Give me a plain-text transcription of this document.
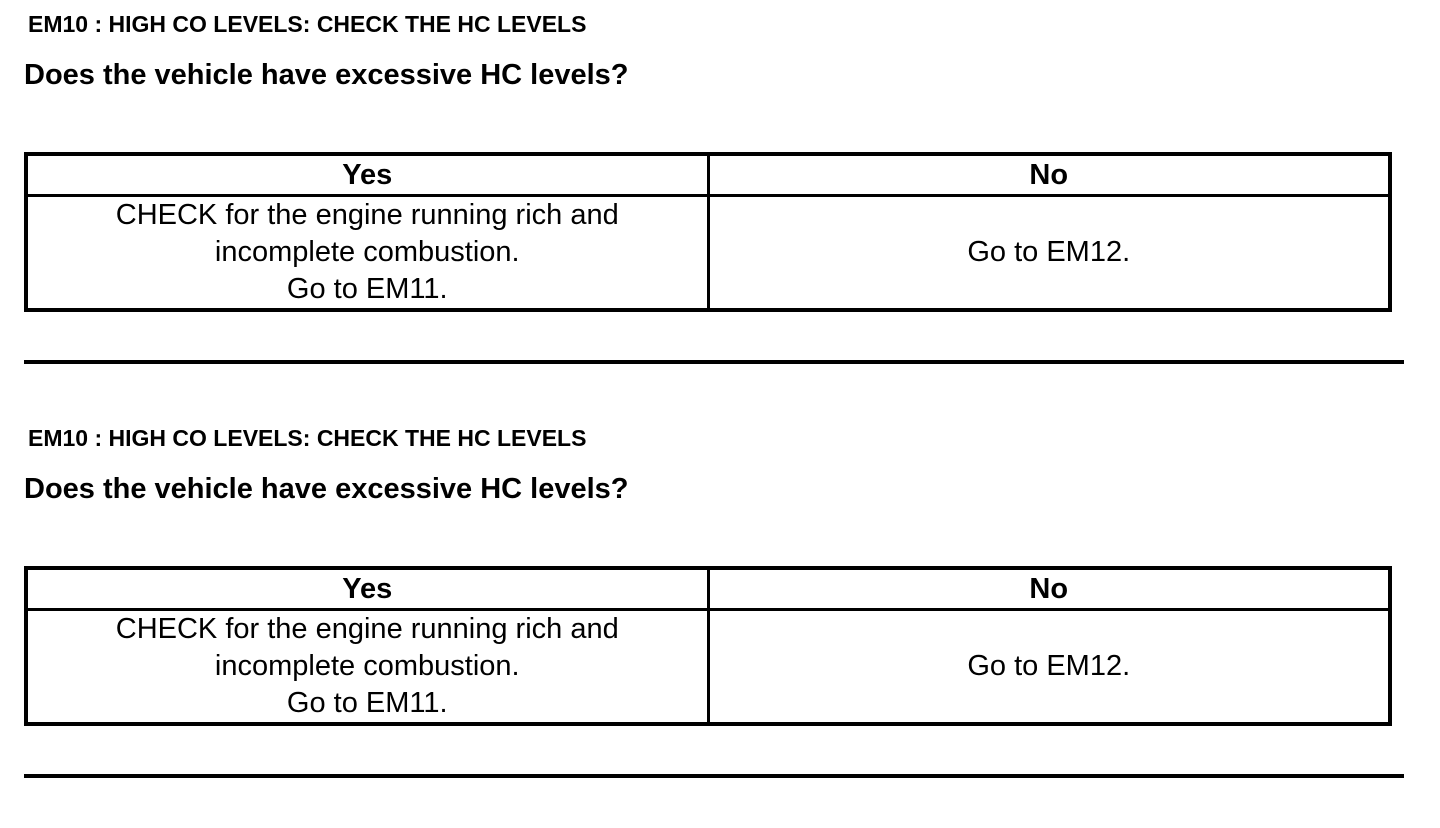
EM10 : HIGH CO LEVELS: CHECK THE HC LEVELS
Does the vehicle have excessive HC levels?
Yes	No

CHECK for the engine running rich and
incomplete combustion.
Go to EM11.	Go to EM12.
EM10 : HIGH CO LEVELS: CHECK THE HC LEVELS
Does the vehicle have excessive HC levels?
Yes	No

CHECK for the engine running rich and
incomplete combustion.
Go to EM11.	Go to EM12.
